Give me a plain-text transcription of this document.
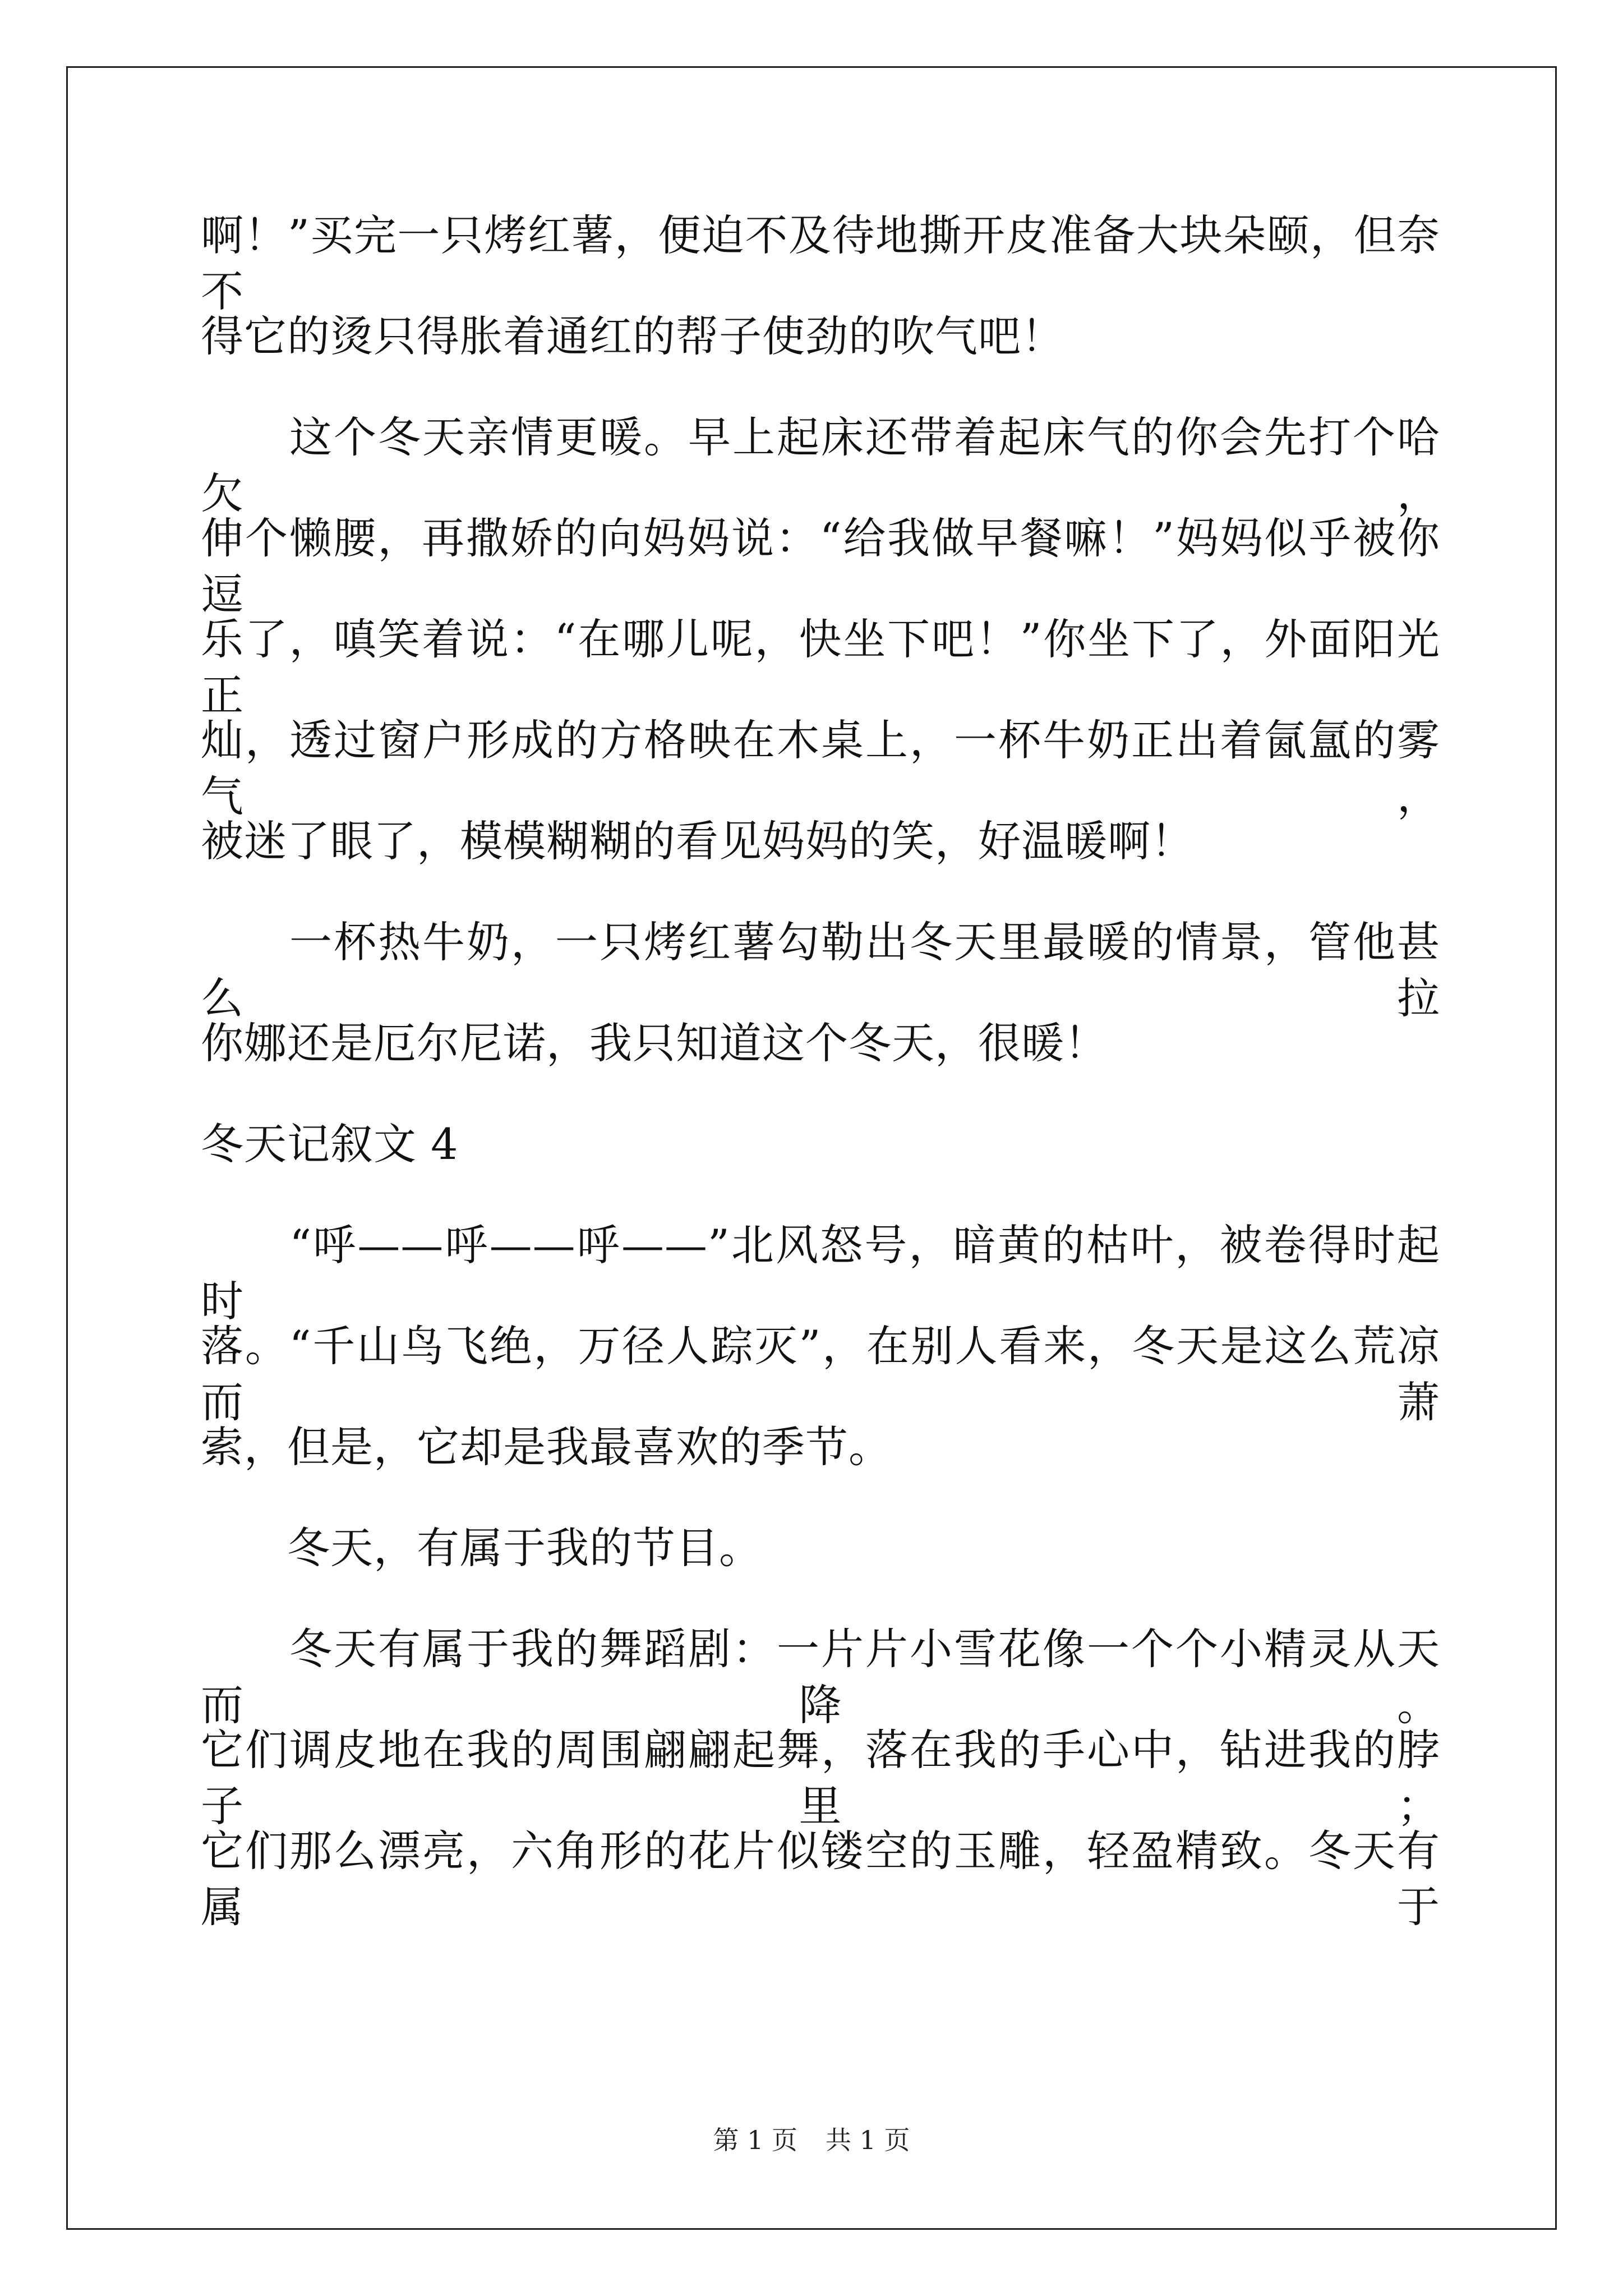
啊！”买完一只烤红薯，便迫不及待地撕开皮准备大块朵颐，但奈不
得它的烫只得胀着通红的帮子使劲的吹气吧！
　　这个冬天亲情更暖。早上起床还带着起床气的你会先打个哈欠，
伸个懒腰，再撒娇的向妈妈说：“给我做早餐嘛！”妈妈似乎被你逗
乐了，嗔笑着说：“在哪儿呢，快坐下吧！”你坐下了，外面阳光正
灿，透过窗户形成的方格映在木桌上，一杯牛奶正出着氤氲的雾气，
被迷了眼了，模模糊糊的看见妈妈的笑，好温暖啊！
　　一杯热牛奶，一只烤红薯勾勒出冬天里最暖的情景，管他甚么拉
你娜还是厄尔尼诺，我只知道这个冬天，很暖！
冬天记叙文 4
　　“呼——呼——呼——”北风怒号，暗黄的枯叶，被卷得时起时
落。“千山鸟飞绝，万径人踪灭”，在别人看来，冬天是这么荒凉而萧
索，但是，它却是我最喜欢的季节。
　　冬天，有属于我的节目。
　　冬天有属于我的舞蹈剧：一片片小雪花像一个个小精灵从天而降。
它们调皮地在我的周围翩翩起舞，落在我的手心中，钻进我的脖子里；
它们那么漂亮，六角形的花片似镂空的玉雕，轻盈精致。冬天有属于
第 1 页 共 1 页
